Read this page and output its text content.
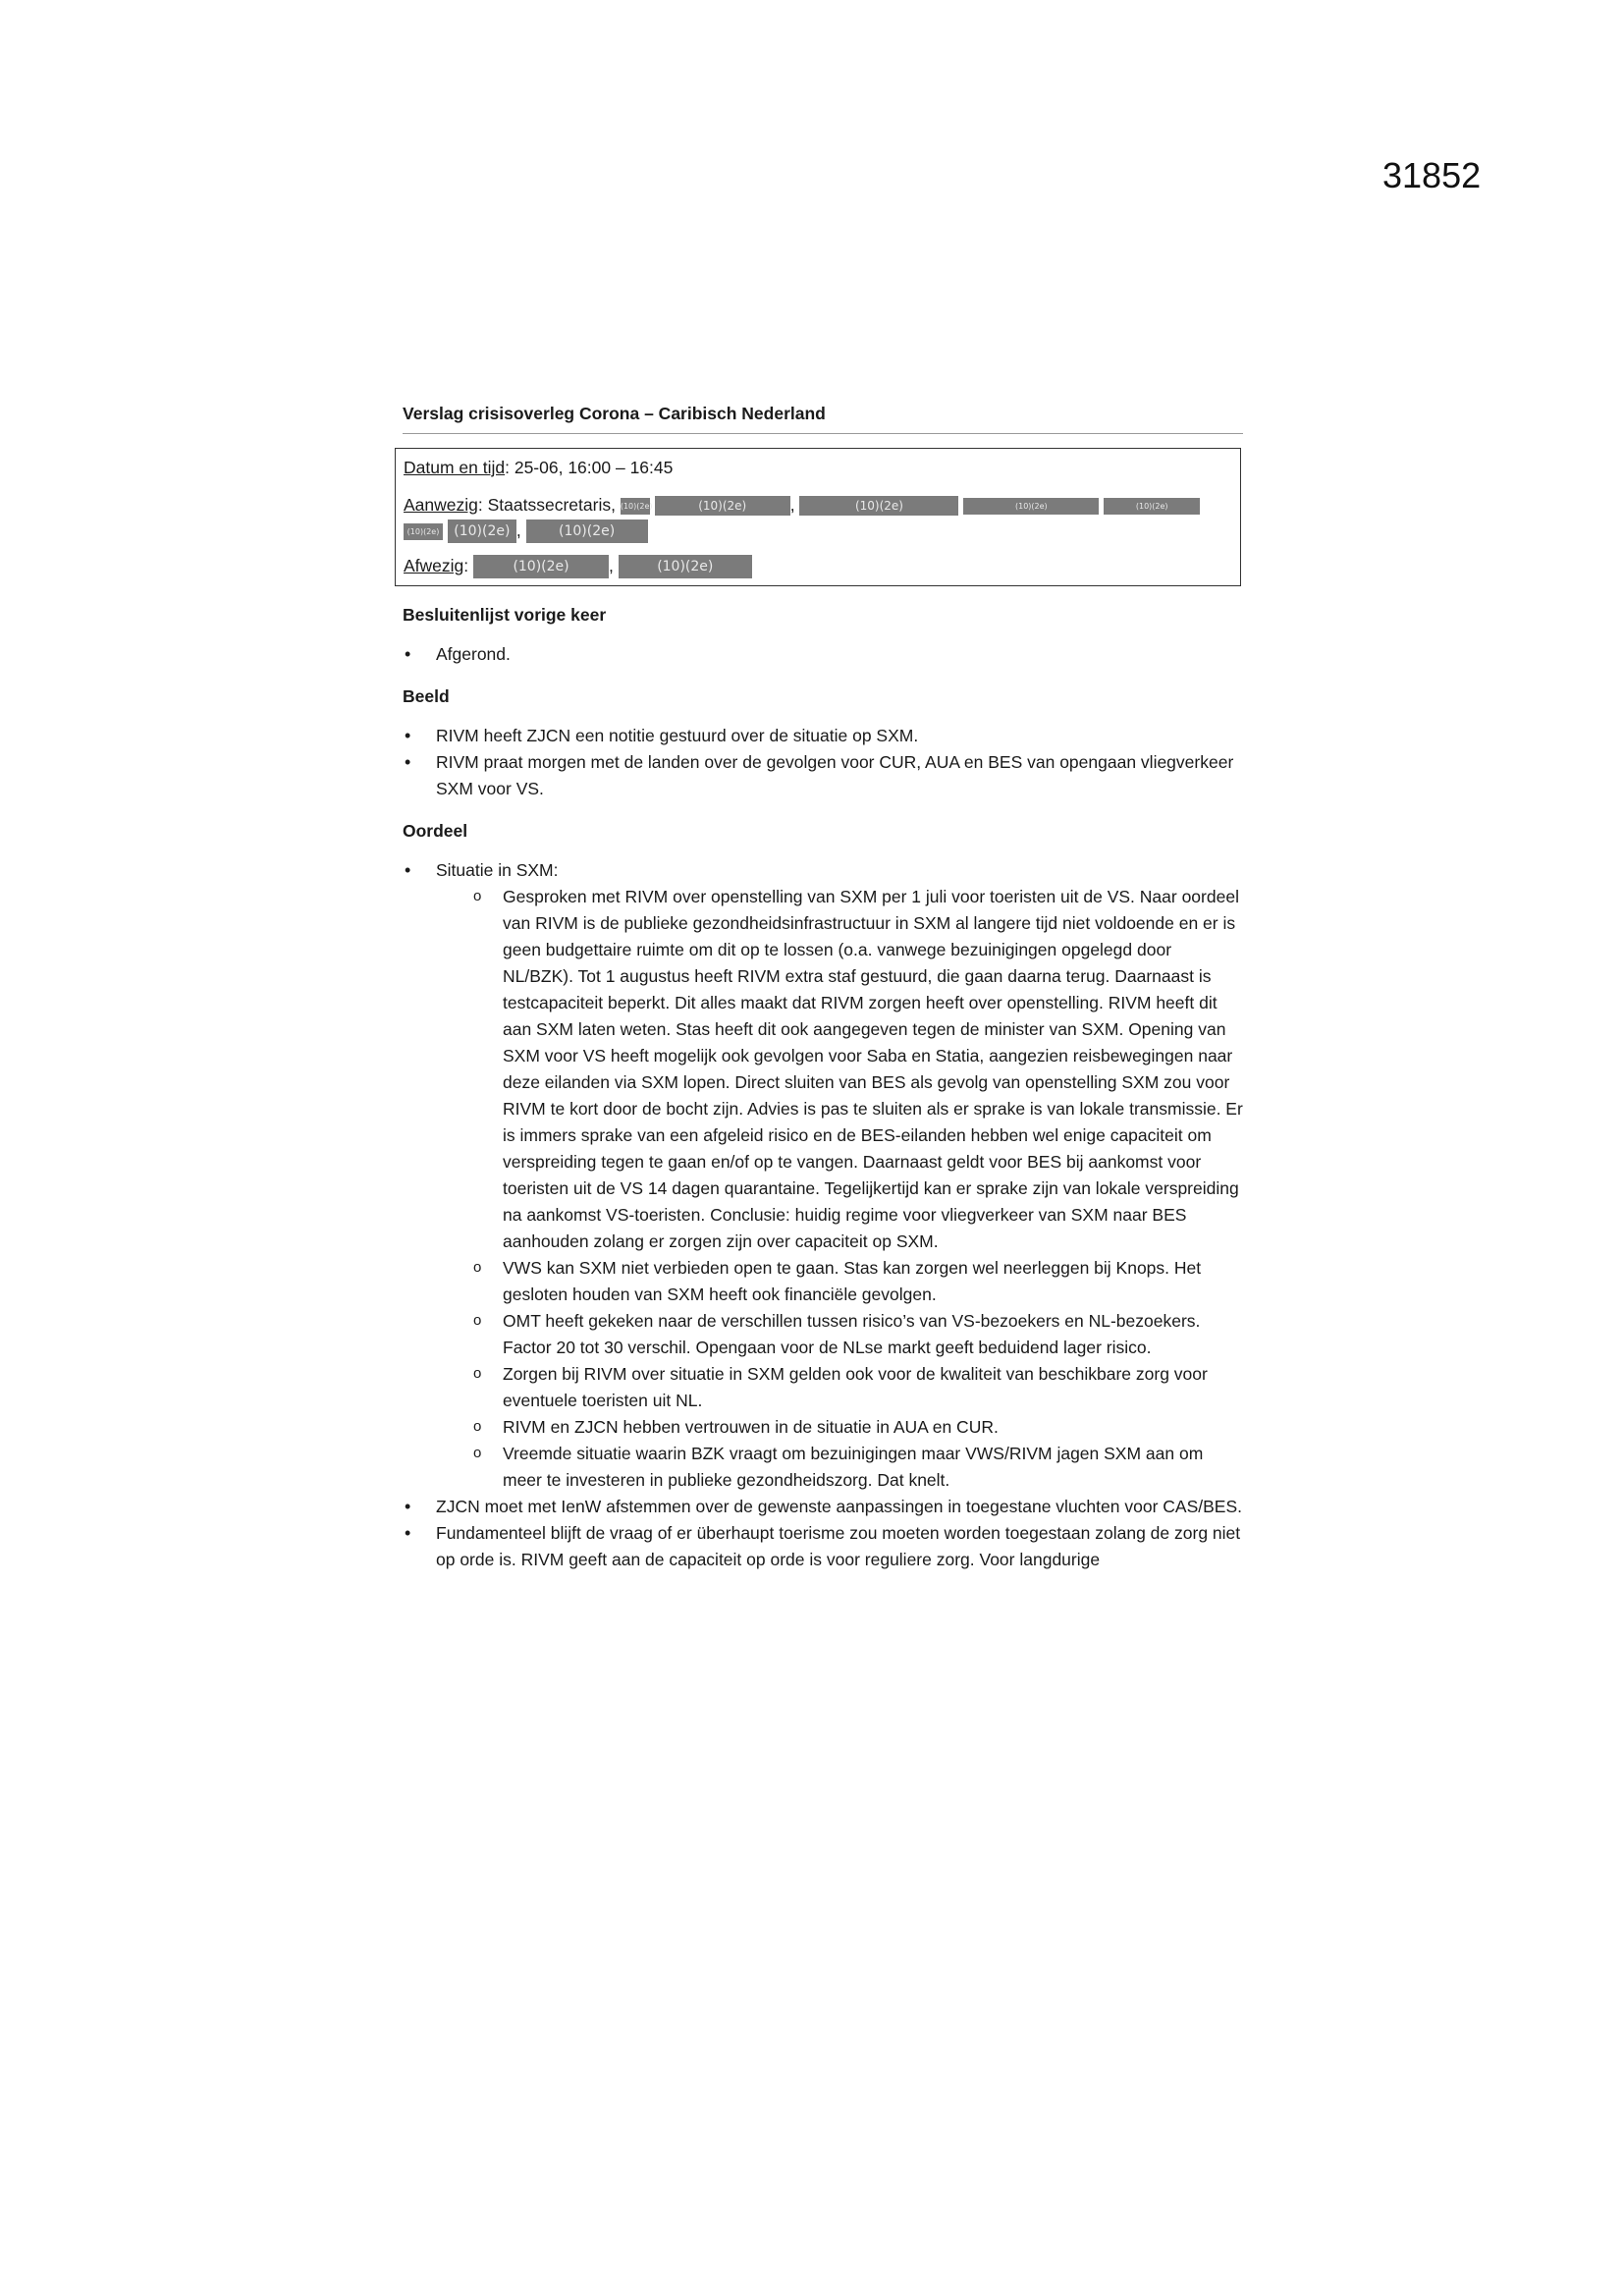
31852
Verslag crisisoverleg Corona – Caribisch Nederland
Datum en tijd: 25-06, 16:00 – 16:45
Aanwezig: Staatssecretaris, (10)(2e)	(10)(2e)	,	(10)(2e)	(10)(2e)	(10)(2e)
(10)(2e) (10)(2e) ,	(10)(2e)
Afwezig:	(10)(2e) ,	(10)(2e)
Besluitenlijst vorige keer
• Afgerond.
Beeld
• RIVM heeft ZJCN een notitie gestuurd over de situatie op SXM.
• RIVM praat morgen met de landen over de gevolgen voor CUR, AUA en BES van opengaan vliegverkeer SXM voor VS.
Oordeel
• Situatie in SXM:
o Gesproken met RIVM over openstelling van SXM per 1 juli voor toeristen uit de VS. Naar oordeel van RIVM is de publieke gezondheidsinfrastructuur in SXM al langere tijd niet voldoende en er is geen budgettaire ruimte om dit op te lossen (o.a. vanwege bezuinigingen opgelegd door NL/BZK). Tot 1 augustus heeft RIVM extra staf gestuurd, die gaan daarna terug. Daarnaast is testcapaciteit beperkt. Dit alles maakt dat RIVM zorgen heeft over openstelling. RIVM heeft dit aan SXM laten weten. Stas heeft dit ook aangegeven tegen de minister van SXM. Opening van SXM voor VS heeft mogelijk ook gevolgen voor Saba en Statia, aangezien reisbewegingen naar deze eilanden via SXM lopen. Direct sluiten van BES als gevolg van openstelling SXM zou voor RIVM te kort door de bocht zijn. Advies is pas te sluiten als er sprake is van lokale transmissie. Er is immers sprake van een afgeleid risico en de BES-eilanden hebben wel enige capaciteit om verspreiding tegen te gaan en/of op te vangen. Daarnaast geldt voor BES bij aankomst voor toeristen uit de VS 14 dagen quarantaine. Tegelijkertijd kan er sprake zijn van lokale verspreiding na aankomst VS-toeristen. Conclusie: huidig regime voor vliegverkeer van SXM naar BES aanhouden zolang er zorgen zijn over capaciteit op SXM.
o VWS kan SXM niet verbieden open te gaan. Stas kan zorgen wel neerleggen bij Knops. Het gesloten houden van SXM heeft ook financiële gevolgen.
o OMT heeft gekeken naar de verschillen tussen risico’s van VS-bezoekers en NL-bezoekers. Factor 20 tot 30 verschil. Opengaan voor de NLse markt geeft beduidend lager risico.
o Zorgen bij RIVM over situatie in SXM gelden ook voor de kwaliteit van beschikbare zorg voor eventuele toeristen uit NL.
o RIVM en ZJCN hebben vertrouwen in de situatie in AUA en CUR.
o Vreemde situatie waarin BZK vraagt om bezuinigingen maar VWS/RIVM jagen SXM aan om meer te investeren in publieke gezondheidszorg. Dat knelt.
• ZJCN moet met IenW afstemmen over de gewenste aanpassingen in toegestane vluchten voor CAS/BES.
• Fundamenteel blijft de vraag of er überhaupt toerisme zou moeten worden toegestaan zolang de zorg niet op orde is. RIVM geeft aan de capaciteit op orde is voor reguliere zorg. Voor langdurige
